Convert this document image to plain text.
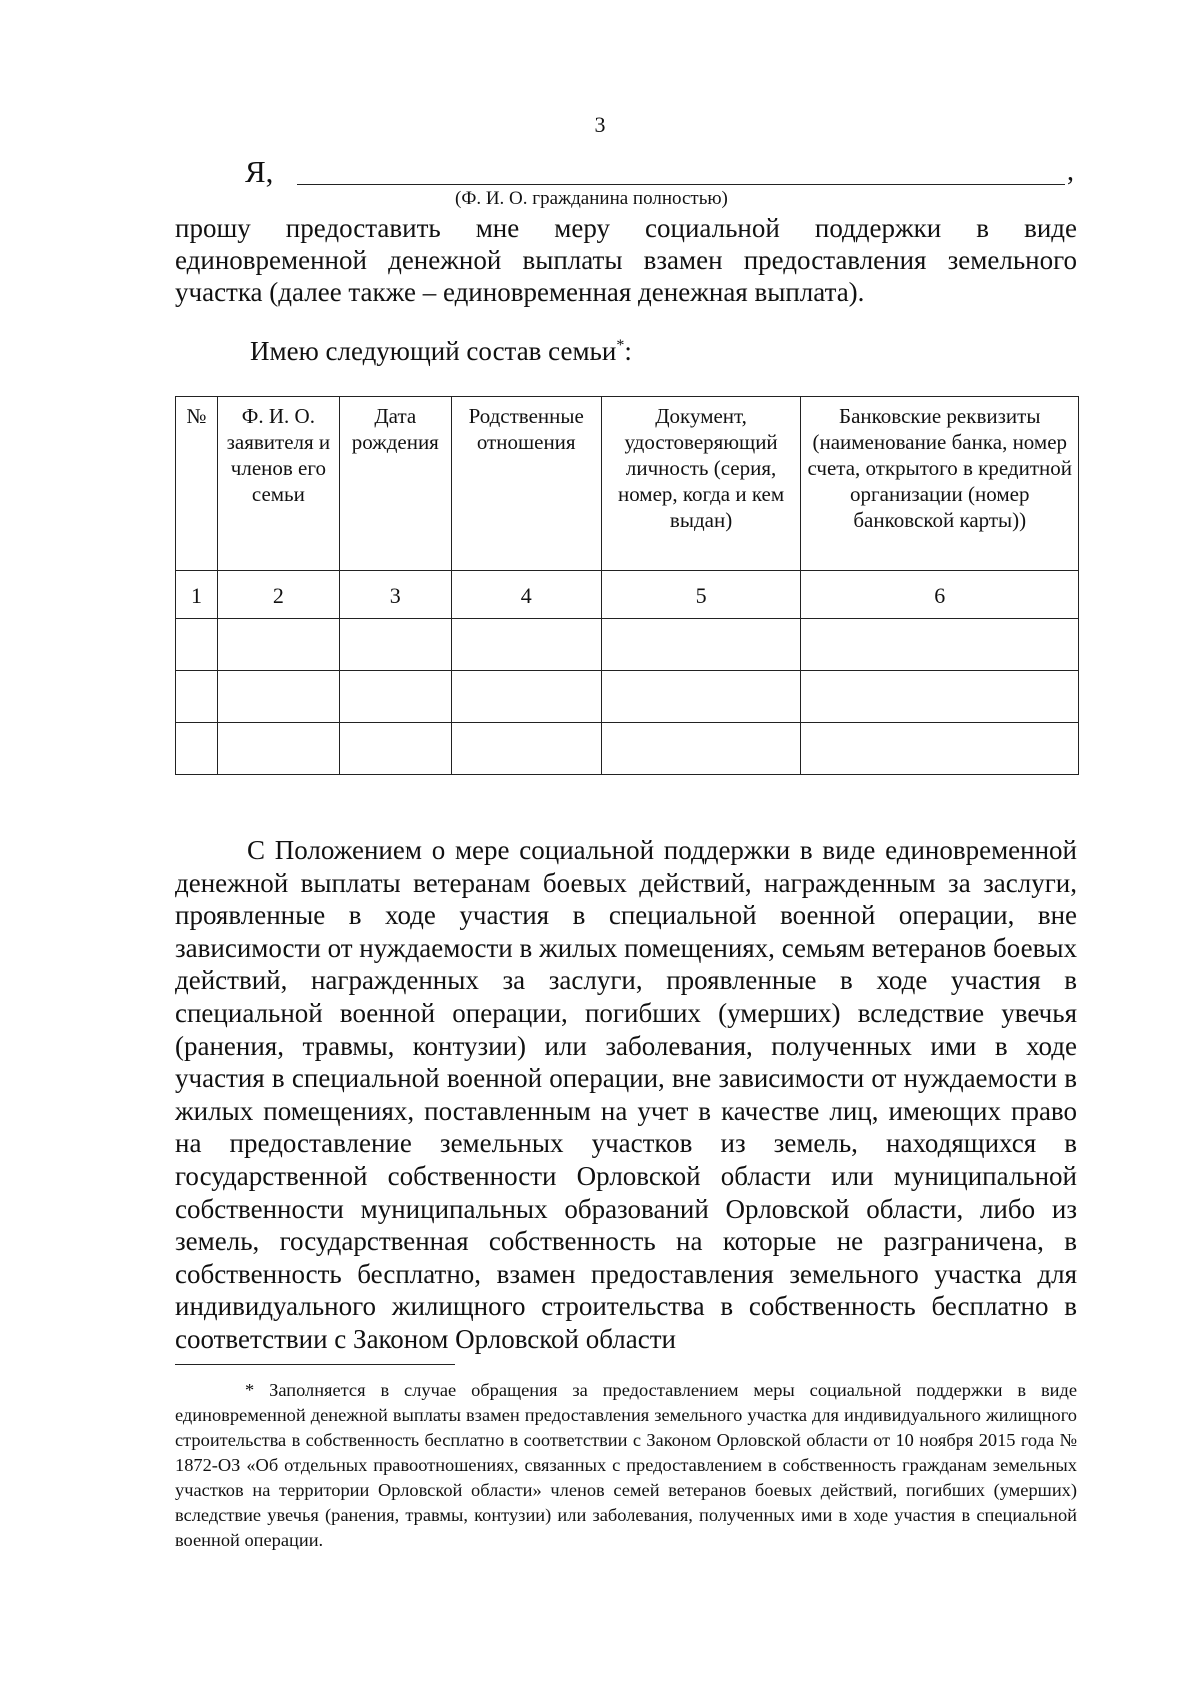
3
Я,	,
(Ф. И. О. гражданина полностью)

прошу предоставить мне меру социальной поддержки в виде единовременной денежной выплаты взамен предоставления земельного участка (далее также – единовременная денежная выплата).

Имею следующий состав семьи*:
№	Ф. И. О. заявителя и членов его семьи	Дата рождения	Родственные отношения	Документ, удостоверяющий личность (серия, номер, когда и кем выдан)	Банковские реквизиты (наименование банка, номер счета, открытого в кредитной организации (номер банковской карты))
1	2	3	4	5	6

С Положением о мере социальной поддержки в виде единовременной денежной выплаты ветеранам боевых действий, награжденным за заслуги, проявленные в ходе участия в специальной военной операции, вне зависимости от нуждаемости в жилых помещениях, семьям ветеранов боевых действий, награжденных за заслуги, проявленные в ходе участия в специальной военной операции, погибших (умерших) вследствие увечья (ранения, травмы, контузии) или заболевания, полученных ими в ходе участия в специальной военной операции, вне зависимости от нуждаемости в жилых помещениях, поставленным на учет в качестве лиц, имеющих право на предоставление земельных участков из земель, находящихся в государственной собственности Орловской области или муниципальной собственности муниципальных образований Орловской области, либо из земель, государственная собственность на которые не разграничена, в собственность бесплатно, взамен предоставления земельного участка для индивидуального жилищного строительства в собственность бесплатно в соответствии с Законом Орловской области

* Заполняется в случае обращения за предоставлением меры социальной поддержки в виде единовременной денежной выплаты взамен предоставления земельного участка для индивидуального жилищного строительства в собственность бесплатно в соответствии с Законом Орловской области от 10 ноября 2015 года № 1872-ОЗ «Об отдельных правоотношениях, связанных с предоставлением в собственность гражданам земельных участков на территории Орловской области» членов семей ветеранов боевых действий, погибших (умерших) вследствие увечья (ранения, травмы, контузии) или заболевания, полученных ими в ходе участия в специальной военной операции.
